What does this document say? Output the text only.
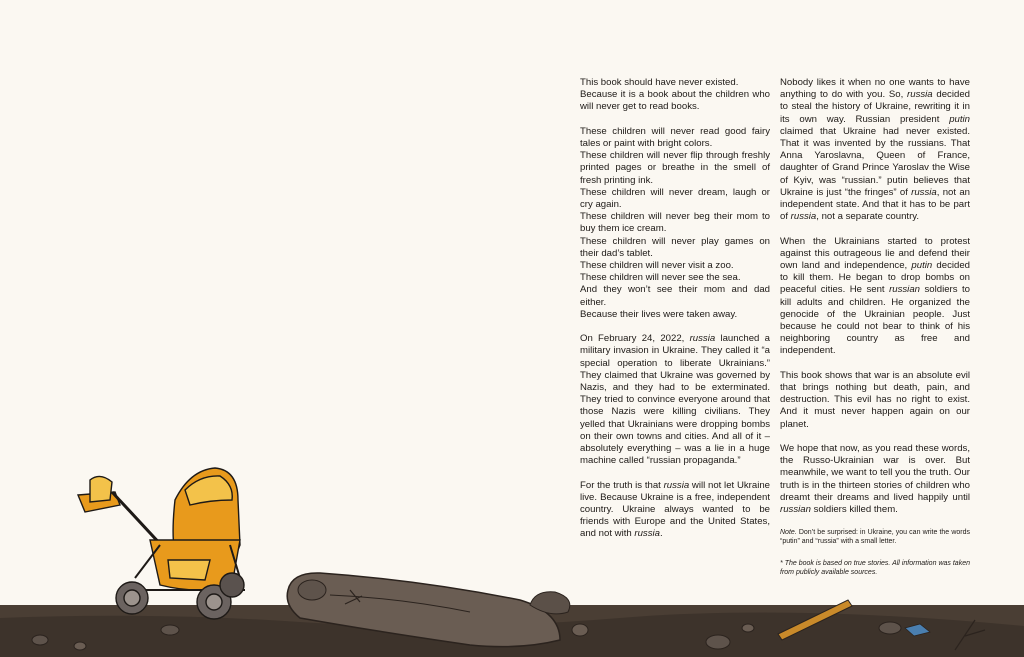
This book should have never existed.
Because it is a book about the children who will never get to read books.

These children will never read good fairy tales or paint with bright colors.
These children will never flip through freshly printed pages or breathe in the smell of fresh printing ink.
These children will never dream, laugh or cry again.
These children will never beg their mom to buy them ice cream.
These children will never play games on their dad’s tablet.
These children will never visit a zoo.
These children will never see the sea.
And they won’t see their mom and dad either.
Because their lives were taken away.

On February 24, 2022, russia launched a military invasion in Ukraine. They called it “a special operation to liberate Ukrainians.” They claimed that Ukraine was governed by Nazis, and they had to be exterminated. They tried to convince everyone around that those Nazis were killing civilians. They yelled that Ukrainians were dropping bombs on their own towns and cities. And all of it – absolutely everything – was a lie in a huge machine called “russian propaganda.”

For the truth is that russia will not let Ukraine live. Because Ukraine is a free, independent country. Ukraine always wanted to be friends with Europe and the United States, and not with russia.

Nobody likes it when no one wants to have anything to do with you. So, russia decided to steal the history of Ukraine, rewriting it in its own way. Russian president putin claimed that Ukraine had never existed. That it was invented by the russians. That Anna Yaroslavna, Queen of France, daughter of Grand Prince Yaroslav the Wise of Kyiv, was “russian.” putin believes that Ukraine is just “the fringes” of russia, not an independent state. And that it has to be part of russia, not a separate country.

When the Ukrainians started to protest against this outrageous lie and defend their own land and independence, putin decided to kill them. He began to drop bombs on peaceful cities. He sent russian soldiers to kill adults and children. He organized the genocide of the Ukrainian people. Just because he could not bear to think of his neighboring country as free and independent.

This book shows that war is an absolute evil that brings nothing but death, pain, and destruction. This evil has no right to exist. And it must never happen again on our planet.

We hope that now, as you read these words, the Russo-Ukrainian war is over. But meanwhile, we want to tell you the truth. Our truth is in the thirteen stories of children who dreamt their dreams and lived happily until russian soldiers killed them.

Note. Don’t be surprised: in Ukraine, you can write the words “putin” and “russia” with a small letter.

* The book is based on true stories. All information was taken from publicly available sources.
